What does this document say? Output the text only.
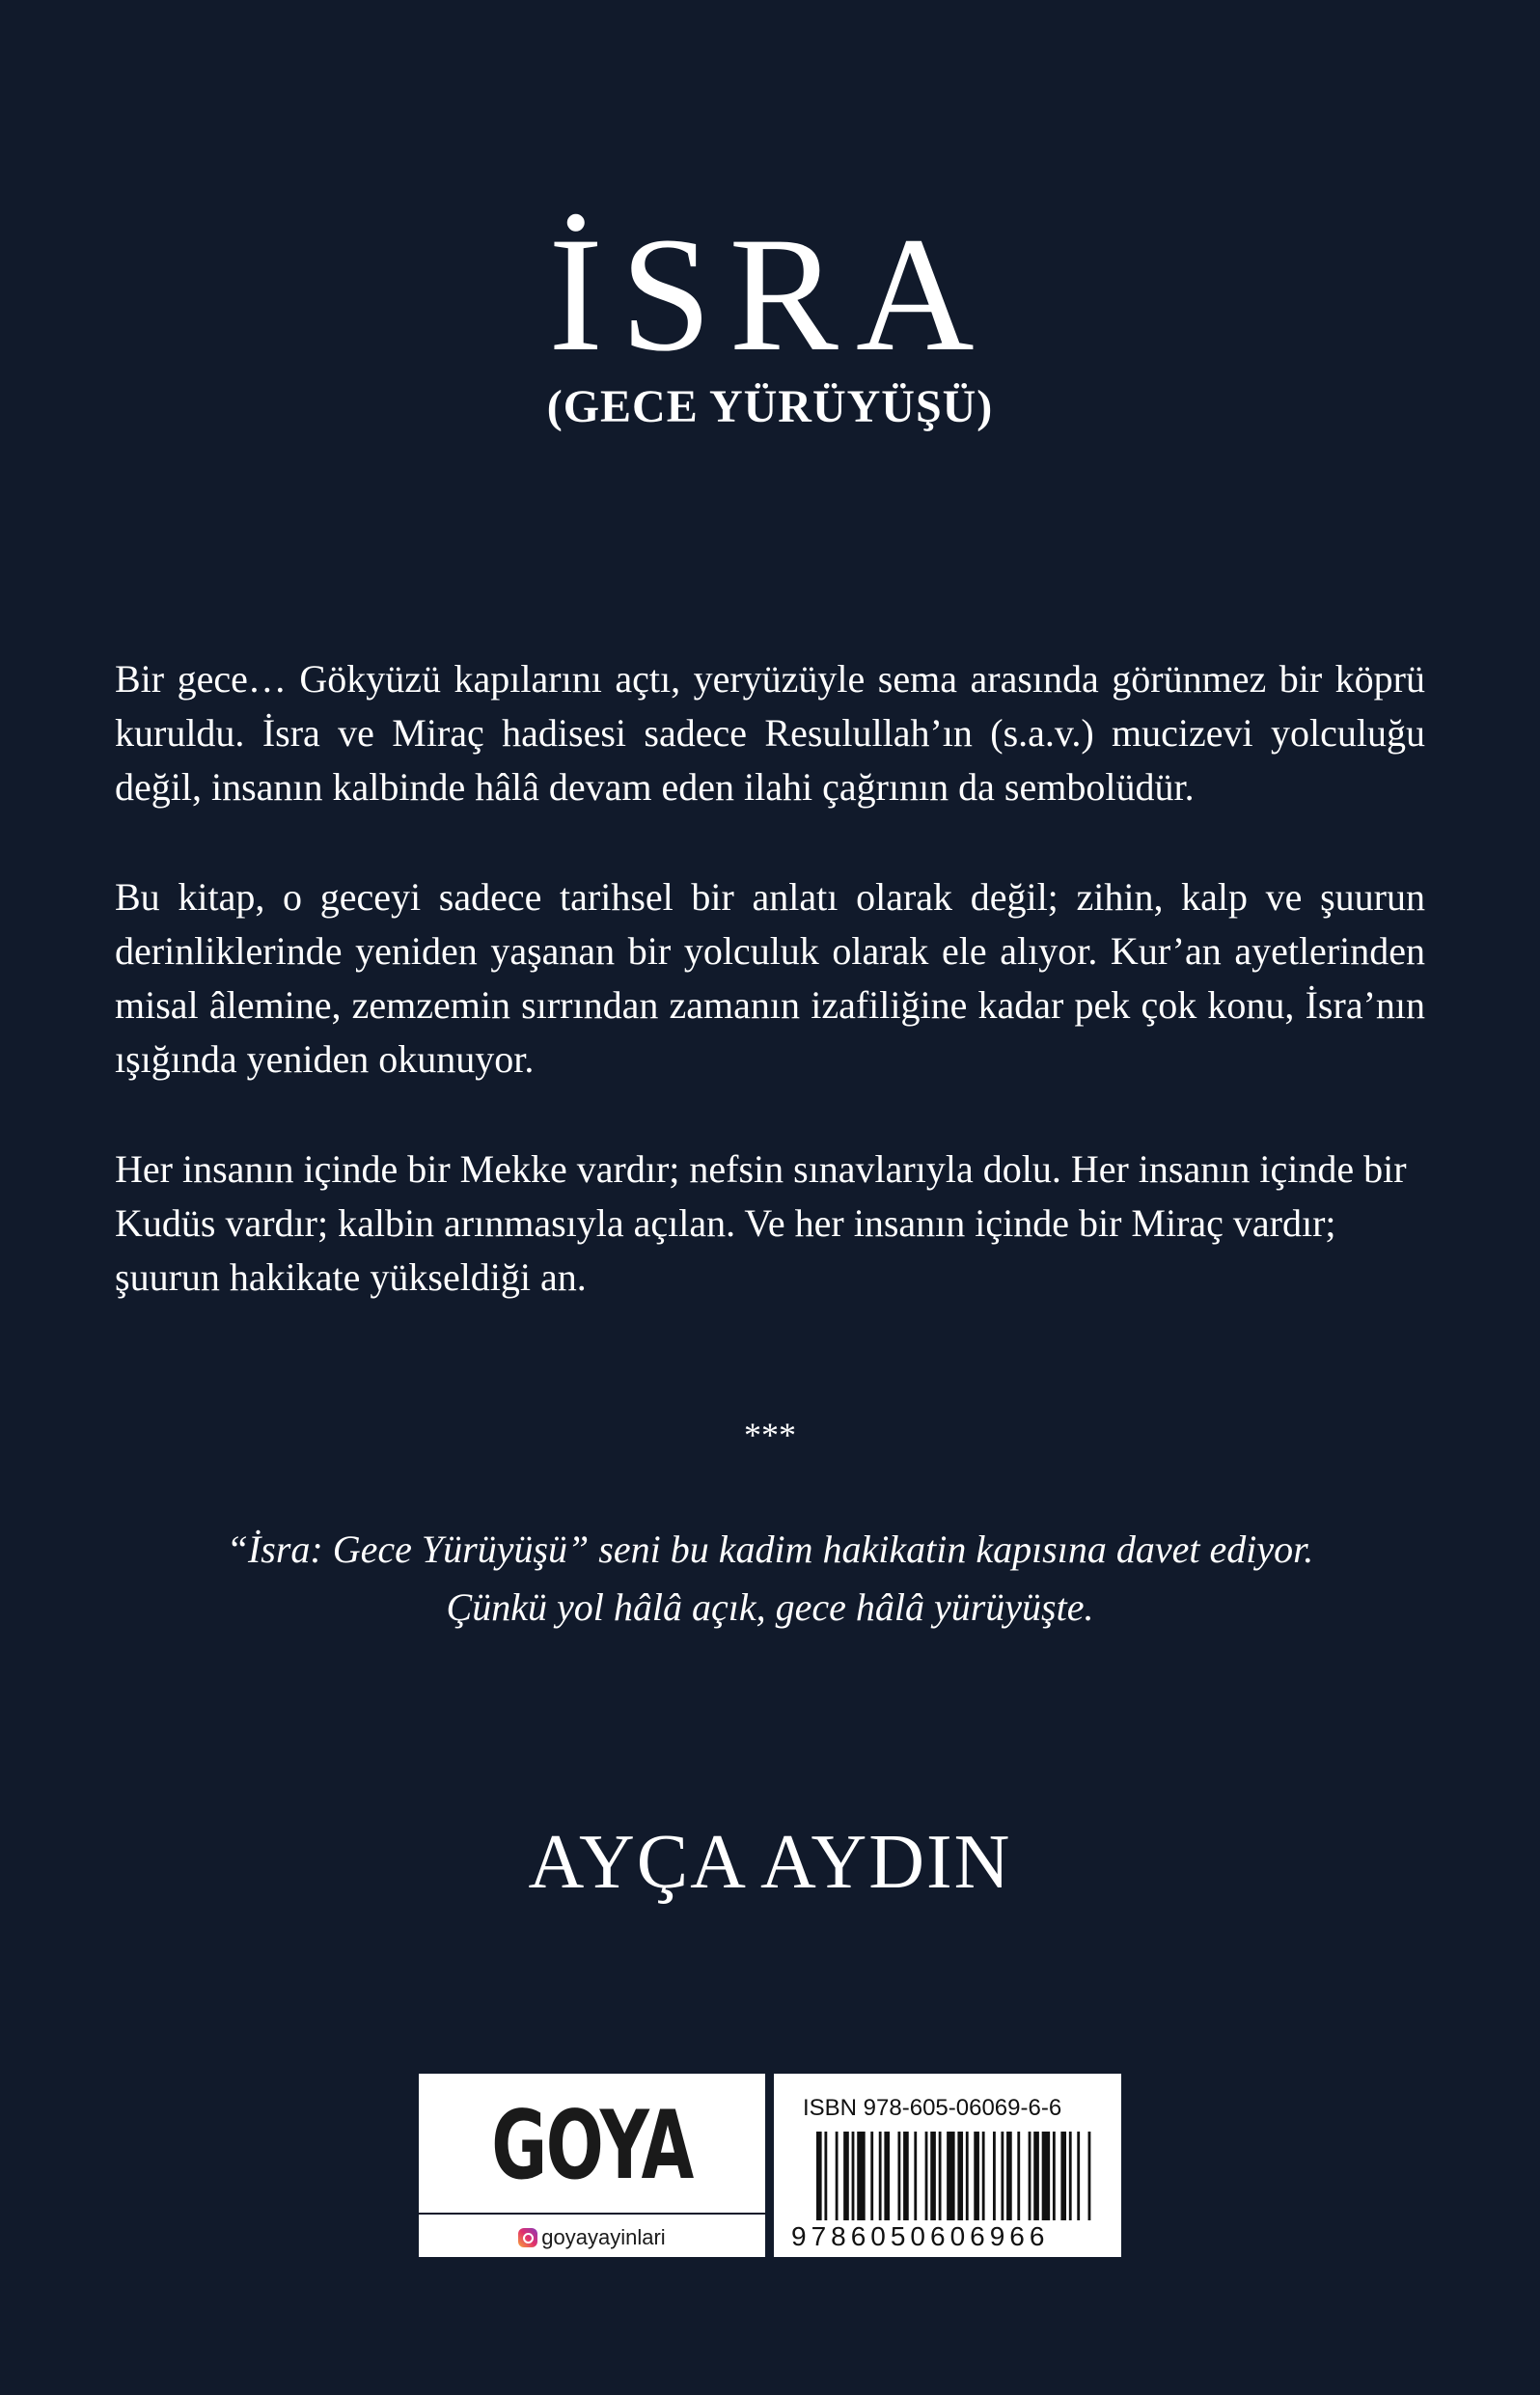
İSRA
(GECE YÜRÜYÜŞÜ)

Bir gece… Gökyüzü kapılarını açtı, yeryüzüyle sema arasında görünmez bir köprü kuruldu. İsra ve Miraç hadisesi sadece Resulullah’ın (s.a.v.) mucizevi yolculuğu değil, insanın kalbinde hâlâ devam eden ilahi çağrının da sembolüdür.

Bu kitap, o geceyi sadece tarihsel bir anlatı olarak değil; zihin, kalp ve şuurun derinliklerinde yeniden yaşanan bir yolculuk olarak ele alıyor. Kur’an ayetlerinden misal âlemine, zemzemin sırrından zamanın izafiliğine kadar pek çok konu, İsra’nın ışığında yeniden okunuyor.

Her insanın içinde bir Mekke vardır; nefsin sınavlarıyla dolu. Her insanın içinde bir Kudüs vardır; kalbin arınmasıyla açılan. Ve her insanın içinde bir Miraç vardır; şuurun hakikate yükseldiği an.

***
“İsra: Gece Yürüyüşü” seni bu kadim hakikatin kapısına davet ediyor.
Çünkü yol hâlâ açık, gece hâlâ yürüyüşte.
AYÇA AYDIN
GOYA
goyayayinlari
ISBN 978-605-06069-6-6
9786050606966
